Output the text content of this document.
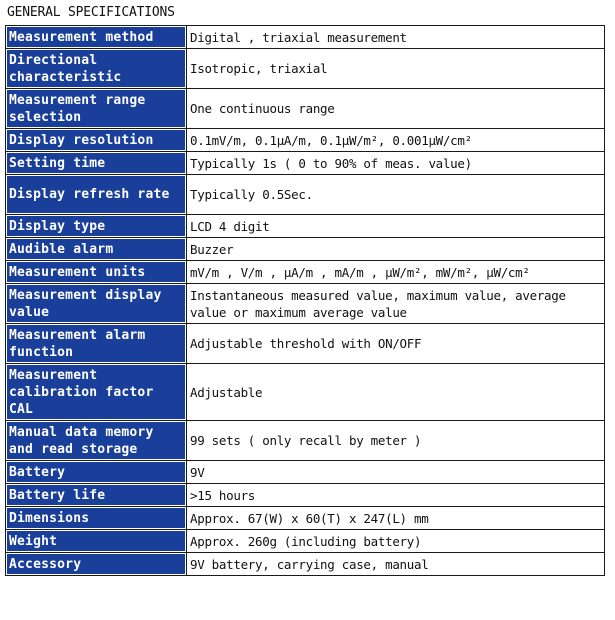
GENERAL SPECIFICATIONS
Measurement method	Digital , triaxial measurement
Directional characteristic	Isotropic, triaxial
Measurement range selection	One continuous range
Display resolution	0.1mV/m, 0.1μA/m, 0.1μW/m², 0.001μW/cm²
Setting time	Typically 1s ( 0 to 90% of meas. value)
Display refresh rate	Typically 0.5Sec.
Display type	LCD 4 digit
Audible alarm	Buzzer
Measurement units	mV/m , V/m , μA/m , mA/m , μW/m², mW/m², μW/cm²
Measurement display value	Instantaneous measured value, maximum value, average value or maximum average value
Measurement alarm function	Adjustable threshold with ON/OFF
Measurement calibration factor CAL	Adjustable
Manual data memory and read storage	99 sets ( only recall by meter )
Battery	9V
Battery life	>15 hours
Dimensions	Approx. 67(W) x 60(T) x 247(L) mm
Weight	Approx. 260g (including battery)
Accessory	9V battery, carrying case, manual
